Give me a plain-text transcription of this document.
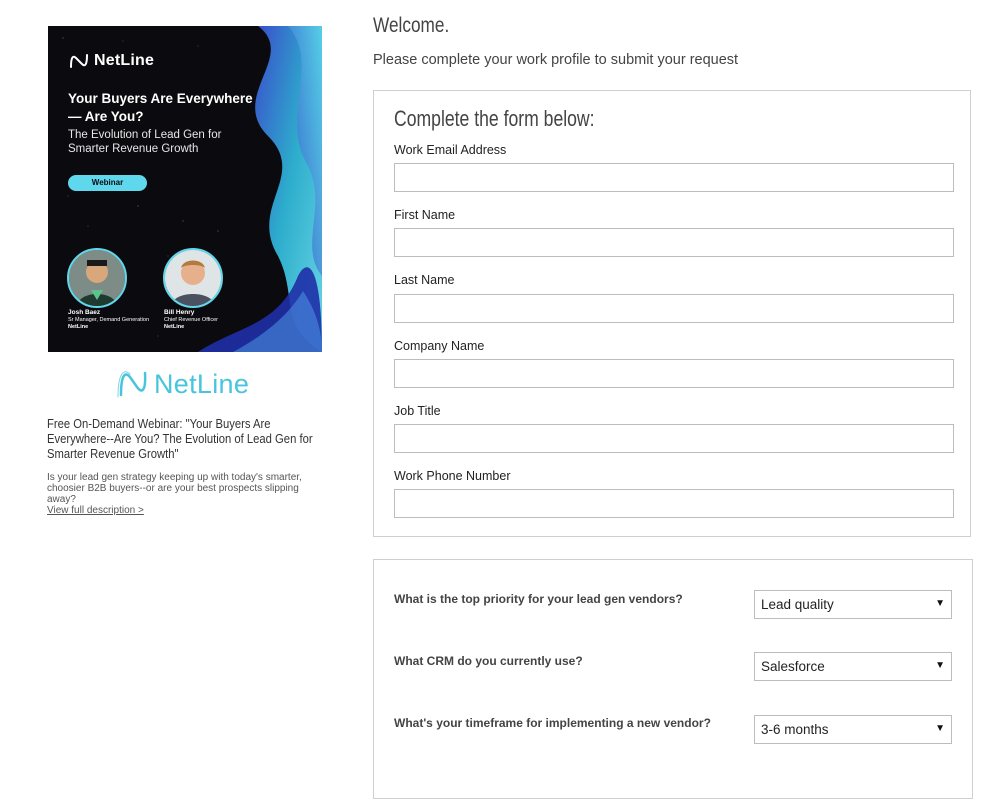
NetLine
Your Buyers Are Everywhere — Are You?
The Evolution of Lead Gen for Smarter Revenue Growth
Webinar
Josh Baez
Sr Manager, Demand Generation
NetLine
Bill Henry
Chief Revenue Officer
NetLine
NetLine
Free On-Demand Webinar: "Your Buyers Are Everywhere--Are You? The Evolution of Lead Gen for Smarter Revenue Growth"
Is your lead gen strategy keeping up with today's smarter, choosier B2B buyers--or are your best prospects slipping away?
View full description >
Welcome.
Please complete your work profile to submit your request
Complete the form below:
Work Email Address
First Name
Last Name
Company Name
Job Title
Work Phone Number
What is the top priority for your lead gen vendors?	Lead quality	▼
What CRM do you currently use?	Salesforce	▼
What's your timeframe for implementing a new vendor?	3-6 months	▼
